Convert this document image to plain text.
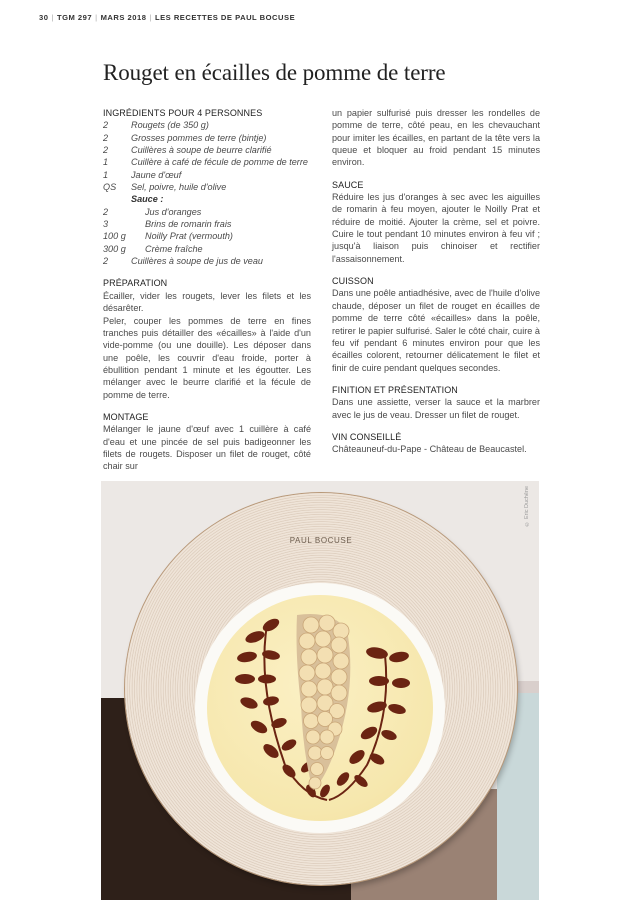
30 | TGM 297 | MARS 2018 | LES RECETTES DE PAUL BOCUSE
Rouget en écailles de pomme de terre
INGRÉDIENTS POUR 4 PERSONNES
2	Rougets (de 350 g)
2	Grosses pommes de terre (bintje)
2	Cuillères à soupe de beurre clarifié
1	Cuillère à café de fécule de pomme de terre
1	Jaune d'œuf
QS	Sel, poivre, huile d'olive
Sauce :
2	Jus d'oranges
3	Brins de romarin frais
100 g	Noilly Prat (vermouth)
300 g	Crème fraîche
2	Cuillères à soupe de jus de veau
PRÉPARATION

Écailler, vider les rougets, lever les filets et les désarêter.

Peler, couper les pommes de terre en fines tranches puis détailler des «écailles» à l'aide d'un vide-pomme (ou une douille). Les déposer dans une poêle, les couvrir d'eau froide, porter à ébullition pendant 1 minute et les égoutter. Les mélanger avec le beurre clarifié et la fécule de pomme de terre.

MONTAGE

Mélanger le jaune d'œuf avec 1 cuillère à café d'eau et une pincée de sel puis badigeonner les filets de rougets. Disposer un filet de rouget, côté chair sur

un papier sulfurisé puis dresser les rondelles de pomme de terre, côté peau, en les chevauchant pour imiter les écailles, en partant de la tête vers la queue et bloquer au froid pendant 15 minutes environ.

SAUCE

Réduire les jus d'oranges à sec avec les aiguilles de romarin à feu moyen, ajouter le Noilly Prat et réduire de moitié. Ajouter la crème, sel et poivre. Cuire le tout pendant 10 minutes environ à feu vif ; jusqu'à liaison puis chinoiser et rectifier l'assaisonnement.

CUISSON

Dans une poêle antiadhésive, avec de l'huile d'olive chaude, déposer un filet de rouget en écailles de pomme de terre côté «écailles» dans la poêle, retirer le papier sulfurisé. Saler le côté chair, cuire à feu vif pendant 6 minutes environ pour que les écailles colorent, retourner délicatement le filet et finir de cuire pendant quelques secondes.

FINITION ET PRÉSENTATION

Dans une assiette, verser la sauce et la marbrer avec le jus de veau. Dresser un filet de rouget.

VIN CONSEILLÉ

Châteauneuf-du-Pape - Château de Beaucastel.

PAUL BOCUSE
© Eric Duchêne
